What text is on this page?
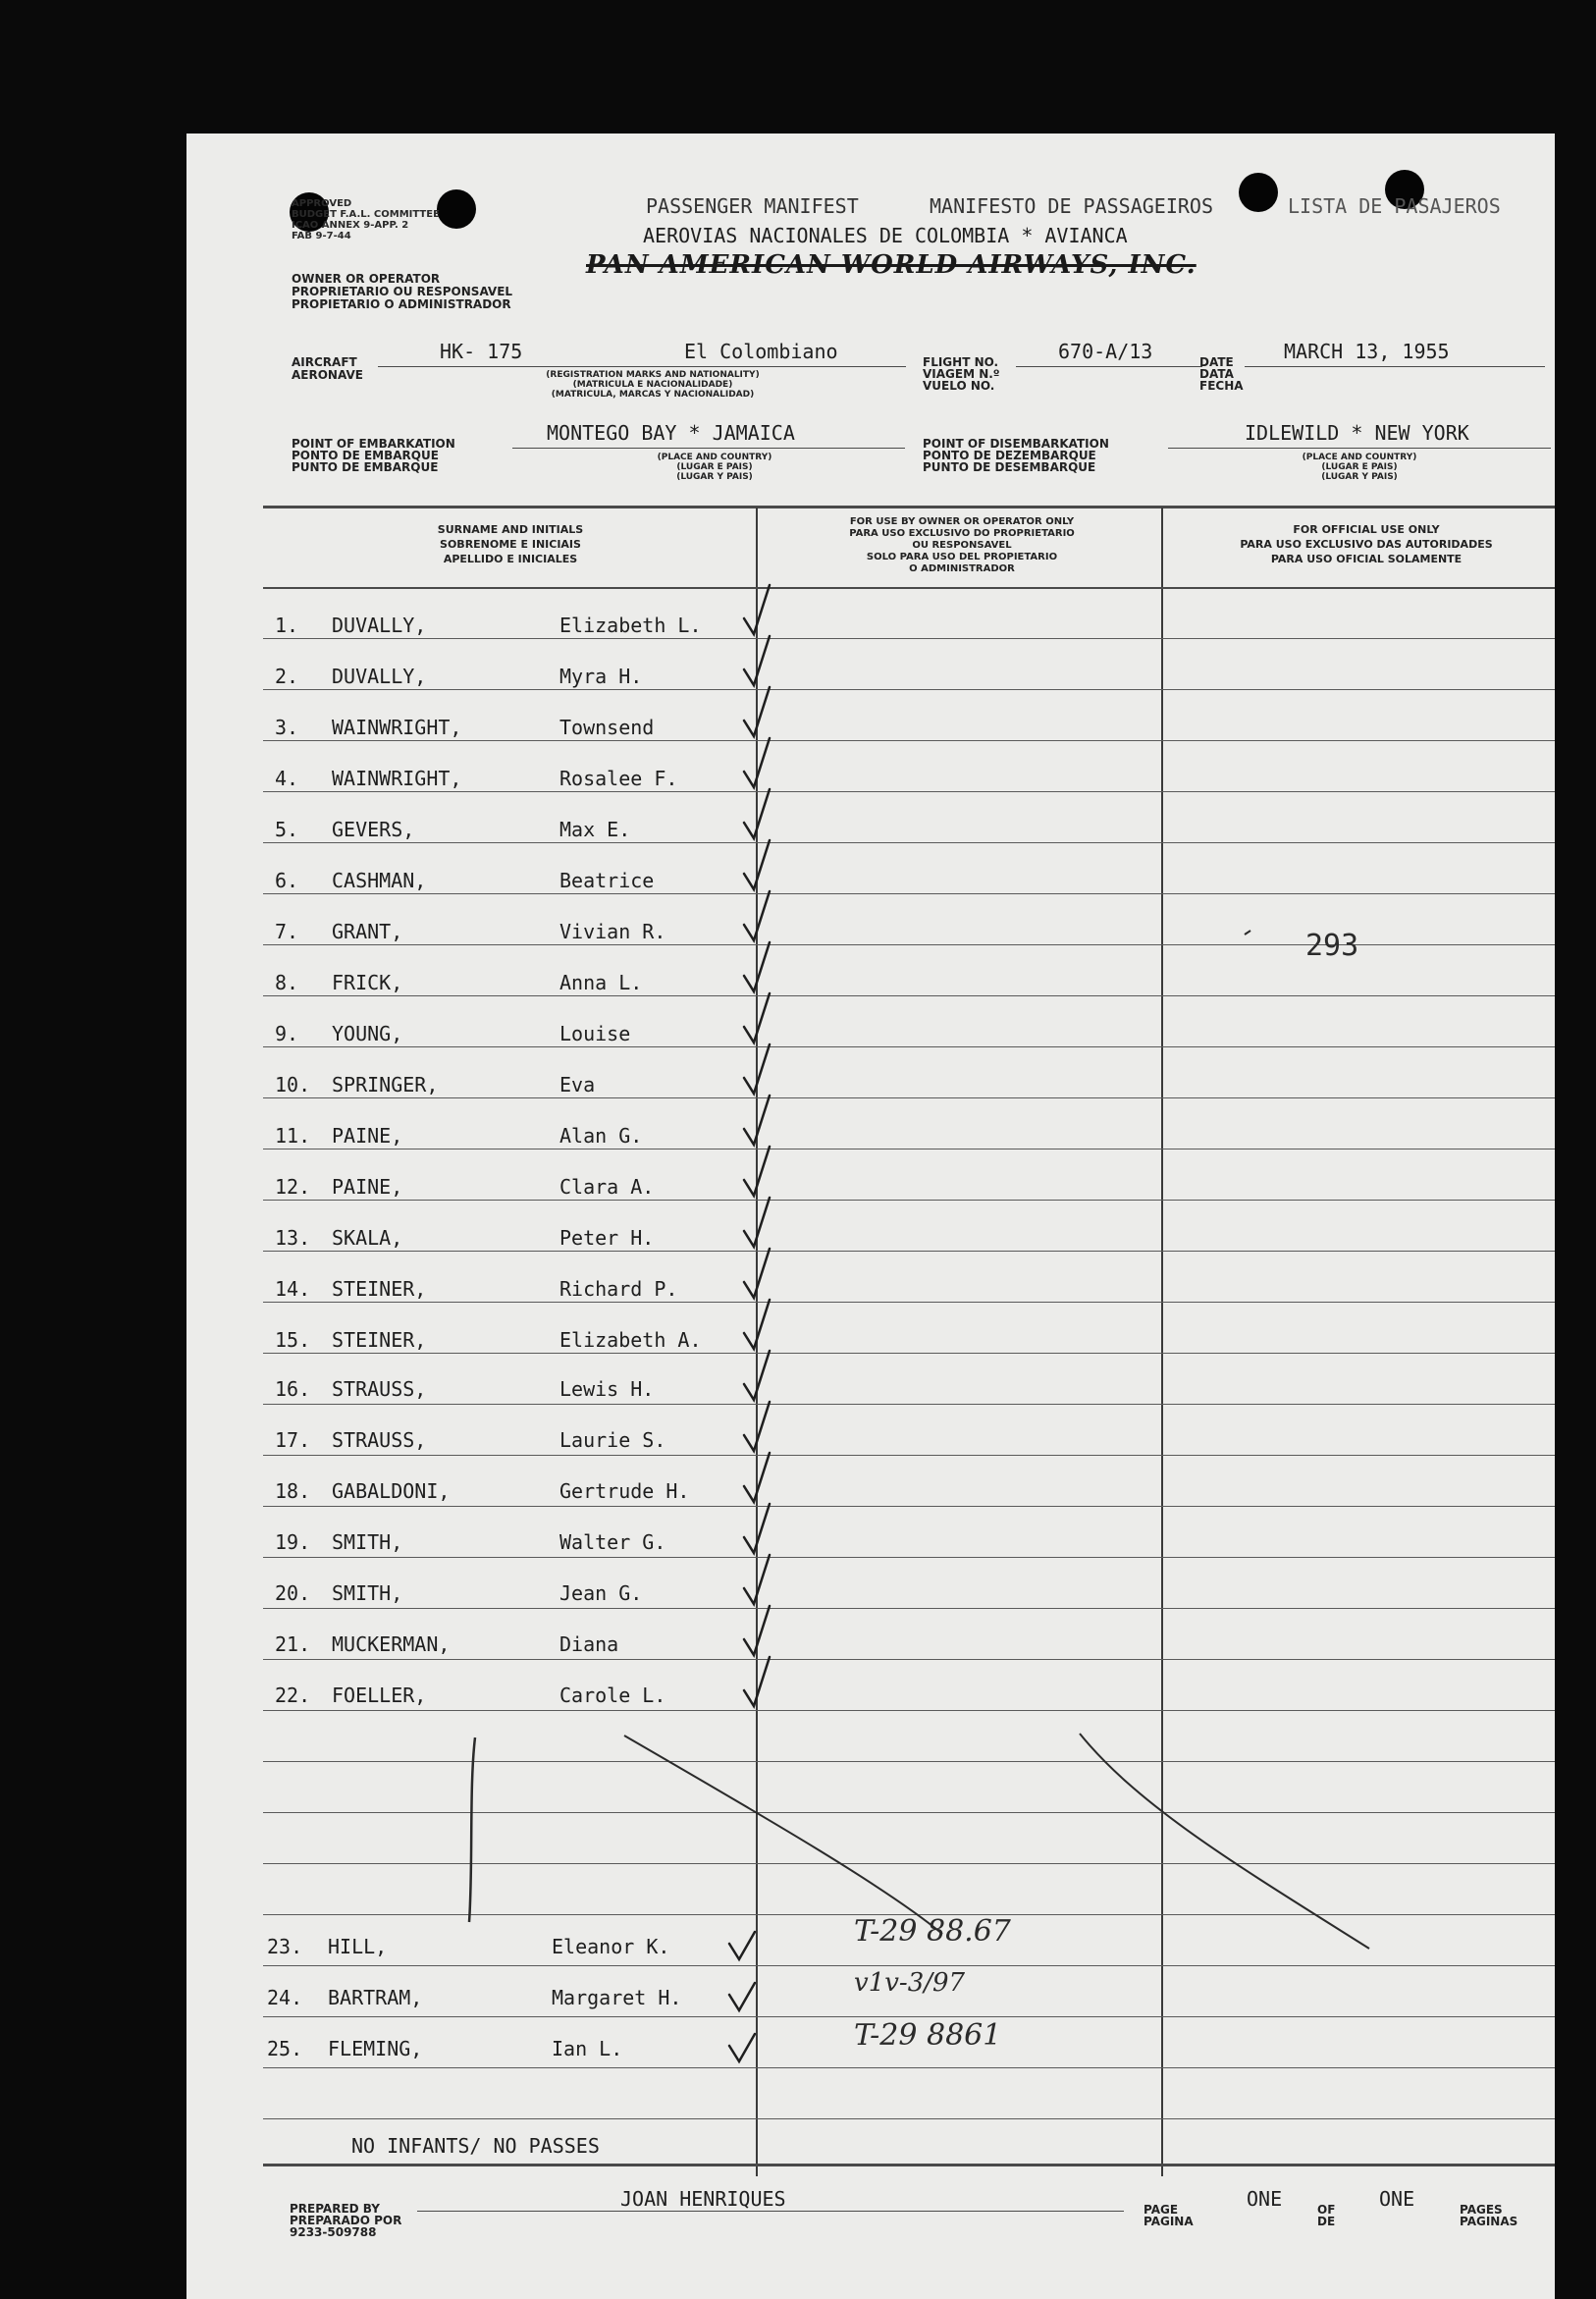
APPROVED
BUDGET F.A.L. COMMITTEE
ICAO ANNEX 9-APP. 2
FAB 9-7-44
OWNER OR OPERATOR
PROPRIETARIO OU RESPONSAVEL
PROPIETARIO O ADMINISTRADOR
PASSENGER MANIFEST	MANIFESTO DE PASSAGEIROS	LISTA DE PASAJEROS
AEROVIAS NACIONALES DE COLOMBIA * AVIANCA
PAN AMERICAN WORLD AIRWAYS, INC.
AIRCRAFT
AERONAVE
HK- 175	El Colombiano
(REGISTRATION MARKS AND NATIONALITY)
(MATRICULA E NACIONALIDADE)
(MATRICULA, MARCAS Y NACIONALIDAD)
FLIGHT NO.
VIAGEM N.º
VUELO NO.
670-A/13	DATE
DATA
FECHA
MARCH 13, 1955
POINT OF EMBARKATION
PONTO DE EMBARQUE
PUNTO DE EMBARQUE
MONTEGO BAY * JAMAICA
(PLACE AND COUNTRY)
(LUGAR E PAIS)
(LUGAR Y PAIS)
POINT OF DISEMBARKATION
PONTO DE DEZEMBARQUE
PUNTO DE DESEMBARQUE
IDLEWILD * NEW YORK
(PLACE AND COUNTRY)
(LUGAR E PAIS)
(LUGAR Y PAIS)
SURNAME AND INITIALS
SOBRENOME E INICIAIS
APELLIDO E INICIALES
FOR USE BY OWNER OR OPERATOR ONLY
PARA USO EXCLUSIVO DO PROPRIETARIO
OU RESPONSAVEL
SOLO PARA USO DEL PROPIETARIO
O ADMINISTRADOR
FOR OFFICIAL USE ONLY
PARA USO EXCLUSIVO DAS AUTORIDADES
PARA USO OFICIAL SOLAMENTE
1. DUVALLY,	Elizabeth L.
2. DUVALLY,	Myra H.
3. WAINWRIGHT,	Townsend
4. WAINWRIGHT,	Rosalee F.
5. GEVERS,	Max E.
6. CASHMAN,	Beatrice
7. GRANT,	Vivian R.
8. FRICK,	Anna L.
9. YOUNG,	Louise
10. SPRINGER,	Eva
11. PAINE,	Alan G.
12. PAINE,	Clara A.
13. SKALA,	Peter H.
14. STEINER,	Richard P.
15. STEINER,	Elizabeth A.
16. STRAUSS,	Lewis H.
17. STRAUSS,	Laurie S.
18. GABALDONI,	Gertrude H.
19. SMITH,	Walter G.
20. SMITH,	Jean G.
21. MUCKERMAN,	Diana
22. FOELLER,	Carole L.
23. HILL,	Eleanor K.
24. BARTRAM,	Margaret H.
25. FLEMING,	Ian L.
T-29 88.67
v1v-3/97
T-29 8861
293
NO INFANTS/ NO PASSES
PREPARED BY
PREPARADO POR
9233-509788
JOAN HENRIQUES	PAGE
PAGINA
ONE	OF
DE
ONE	PAGES
PAGINAS
